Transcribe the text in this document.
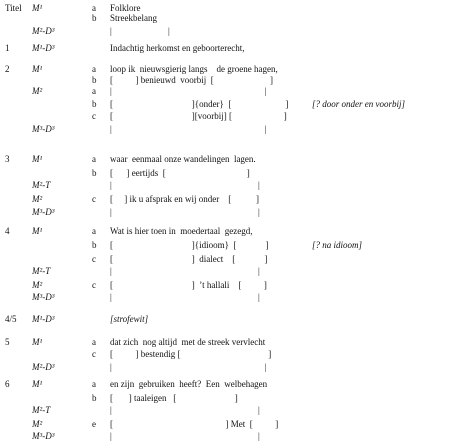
Titel M¹	a Folklore
b Streekbelang
M²-D³	|                         |
1	M¹-D³	Indachtig herkomst en geboorterecht,
2	M¹	a loop ik  nieuwsgierig langs    de groene hagen,
b [          ] benieuwd  voorbij  [                         ]
M²	a |                                                                    |
b [                                   ]{onder}  [                        ]	[? door onder en voorbij]
c [                                   ][voorbij] [                       ]
M³-D³	|                                                                    |
3	M¹	a waar  eenmaal onze wandelingen  lagen.
b [      ] eertijds  [                                    ]
M²-T	|                                                                 |
M²	c [     ] ik u afsprak en wij onder    [           ]
M³-D³	|                                                                 |
4	M¹	a Wat is hier toen in  moedertaal  gezegd,
b [                                   ]{idioom}  [             ]	[? na idioom]
c [                                   ]  dialect    [             ]
M²-T	|                                                                 |
M²	c [                                   ]  ’t hallali    [          ]
M³-D³	|                                                                 |
4/5 M¹-D³	[strofewit]
5	M¹	a dat zich  nog altijd  met de streek vervlecht
c [          ] bestendig [                                       ]
M²-D³	|                                                                    |
6	M¹	a en zijn  gebruiken  heeft?  Een  welbehagen
b [       ] taaleigen   [                          ]
M²-T	|                                                                 |
M²	e [                                                  ] Met  [          ]
M³-D³	|                                                                 |
